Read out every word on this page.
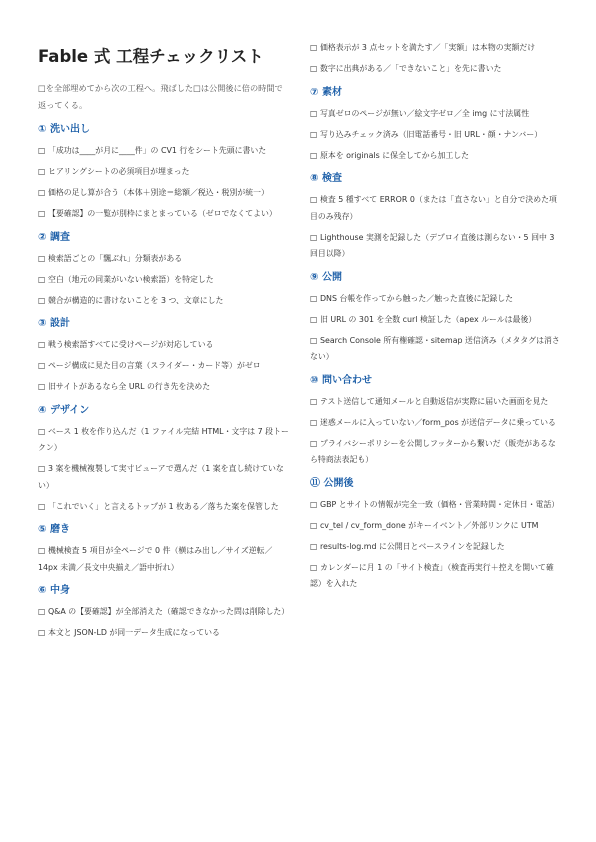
Fable 式 工程チェックリスト

□を全部埋めてから次の工程へ。飛ばした□は公開後に倍の時間で返ってくる。

① 洗い出し
□ 「成功は____が月に____件」の CV1 行をシート先頭に書いた
□ ヒアリングシートの必須項目が埋まった
□ 価格の足し算が合う（本体＋別途＝総額／税込・税別が統一）
□ 【要確認】の一覧が別枠にまとまっている（ゼロでなくてよい）
② 調査
□ 検索語ごとの「飄ぶれ」分類表がある
□ 空白（地元の同業がいない検索語）を特定した
□ 競合が構造的に書けないことを 3 つ、文章にした
③ 設計
□ 戦う検索語すべてに受けページが対応している
□ ページ構成に見た目の言葉（スライダー・カード等）がゼロ
□ 旧サイトがあるなら全 URL の行き先を決めた
④ デザイン
□ ベース 1 枚を作り込んだ（1 ファイル完結 HTML・文字は 7 段トークン）
□ 3 案を機械複製して実寸ビューアで選んだ（1 案を直し続けていない）
□ 「これでいく」と言えるトップが 1 枚ある／落ちた案を保管した
⑤ 磨き
□ 機械検査 5 項目が全ページで 0 件（横はみ出し／サイズ逆転／14px 未満／長文中央揃え／語中折れ）
⑥ 中身
□ Q&A の【要確認】が全部消えた（確認できなかった問は削除した）
□ 本文と JSON-LD が同一データ生成になっている
□ 価格表示が 3 点セットを満たす／「実額」は本物の実額だけ
□ 数字に出典がある／「できないこと」を先に書いた
⑦ 素材
□ 写真ゼロのページが無い／絵文字ゼロ／全 img に寸法属性
□ 写り込みチェック済み（旧電話番号・旧 URL・顔・ナンバー）
□ 原本を originals に保全してから加工した
⑧ 検査
□ 検査 5 種すべて ERROR 0（または「直さない」と自分で決めた項目のみ残存）
□ Lighthouse 実測を記録した（デプロイ直後は測らない・5 回中 3 回目以降）
⑨ 公開
□ DNS 台帳を作ってから触った／触った直後に記録した
□ 旧 URL の 301 を全数 curl 検証した（apex ルールは最後）
□ Search Console 所有権確認・sitemap 送信済み（メタタグは消さない）
⑩ 問い合わせ
□ テスト送信して通知メールと自動返信が実際に届いた画面を見た
□ 迷惑メールに入っていない／form_pos が送信データに乗っている
□ プライバシーポリシーを公開しフッターから繋いだ（販売があるなら特商法表記も）
⑪ 公開後
□ GBP とサイトの情報が完全一致（価格・営業時間・定休日・電話）
□ cv_tel / cv_form_done がキーイベント／外部リンクに UTM
□ results-log.md に公開日とベースラインを記録した
□ カレンダーに月 1 の「サイト検査」（検査再実行＋控えを開いて確認）を入れた
